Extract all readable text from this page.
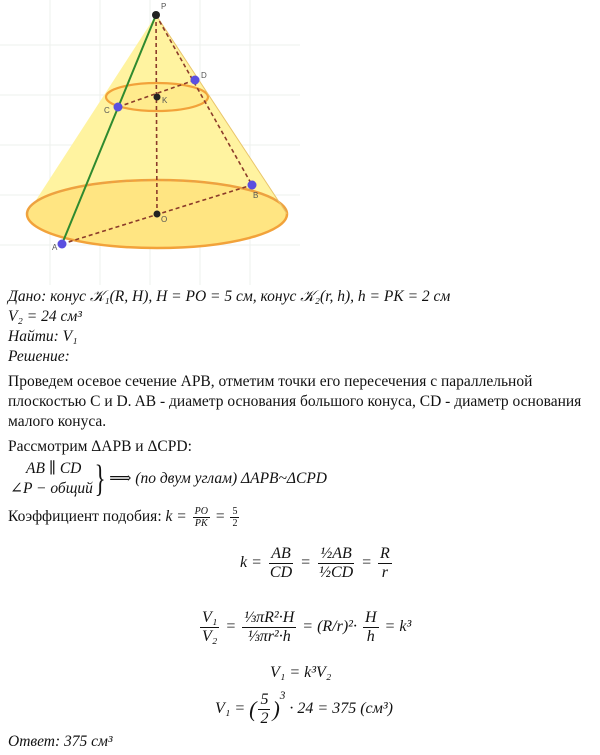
P
K
D
C
O
B
A
Дано: конус 𝒦₁(R, H), H = PO = 5 см, конус 𝒦₂(r, h), h = PK = 2 см
V₂ = 24 см³
Найти: V₁
Решение:
Проведем осевое сечение APB, отметим точки его пересечения с параллельной
плоскостью C и D. AB - диаметр основания большого конуса, CD - диаметр основания
малого конуса.
Рассмотрим ΔAPB и ΔCPD:
AB ∥ CD
∠P − общий } ⟹ (по двум углам) ΔAPB~ΔCPD
Коэффициент подобия: $k = \frac{PO}{PK} = \frac{5}{2}$
$k = \frac{AB}{CD} = \frac{\text{½AB}}{\text{½CD}} = \frac{R}{r}$
$\frac{\text{V₁}}{\text{V₂}} = \frac{\text{⅓πR²·H}}{\text{⅓πr²·h}} = (R/r)^2\cdot \frac{H}{h} = k^3$
V₁ = k³V₂
V₁ = ( $\frac{5}{2} )^3 \cdot 24 = 375$ (см³)
Ответ: 375 см³
